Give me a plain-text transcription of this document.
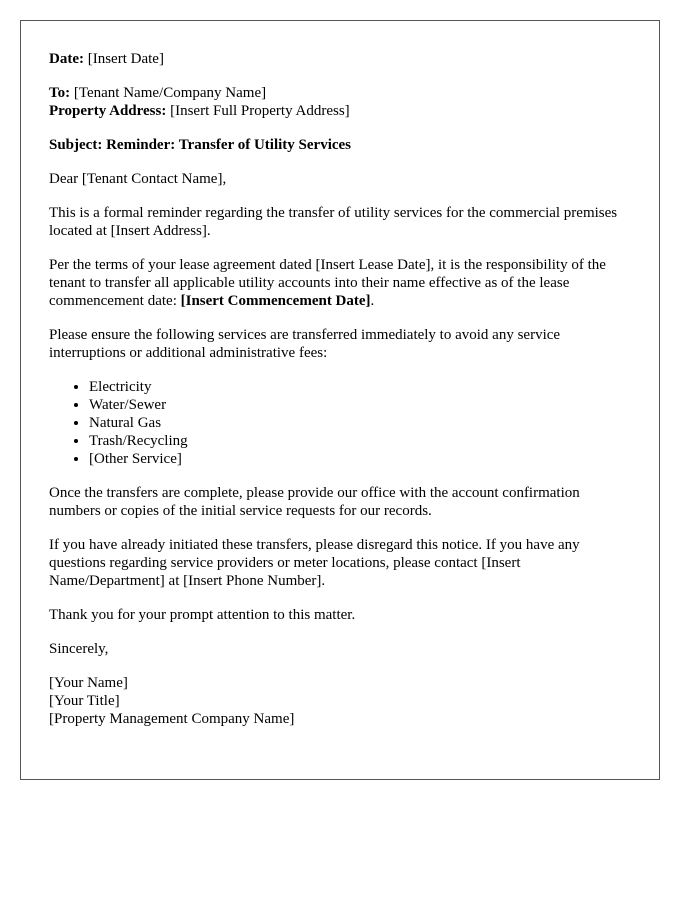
Date: [Insert Date]

To: [Tenant Name/Company Name]

Property Address: [Insert Full Property Address]

Subject: Reminder: Transfer of Utility Services

Dear [Tenant Contact Name],

This is a formal reminder regarding the transfer of utility services for the commercial premises located at [Insert Address].

Per the terms of your lease agreement dated [Insert Lease Date], it is the responsibility of the tenant to transfer all applicable utility accounts into their name effective as of the lease commencement date: [Insert Commencement Date].

Please ensure the following services are transferred immediately to avoid any service interruptions or additional administrative fees:

• Electricity
• Water/Sewer
• Natural Gas
• Trash/Recycling
• [Other Service]

Once the transfers are complete, please provide our office with the account confirmation numbers or copies of the initial service requests for our records.

If you have already initiated these transfers, please disregard this notice. If you have any questions regarding service providers or meter locations, please contact [Insert Name/Department] at [Insert Phone Number].

Thank you for your prompt attention to this matter.

Sincerely,

[Your Name]
[Your Title]
[Property Management Company Name]
